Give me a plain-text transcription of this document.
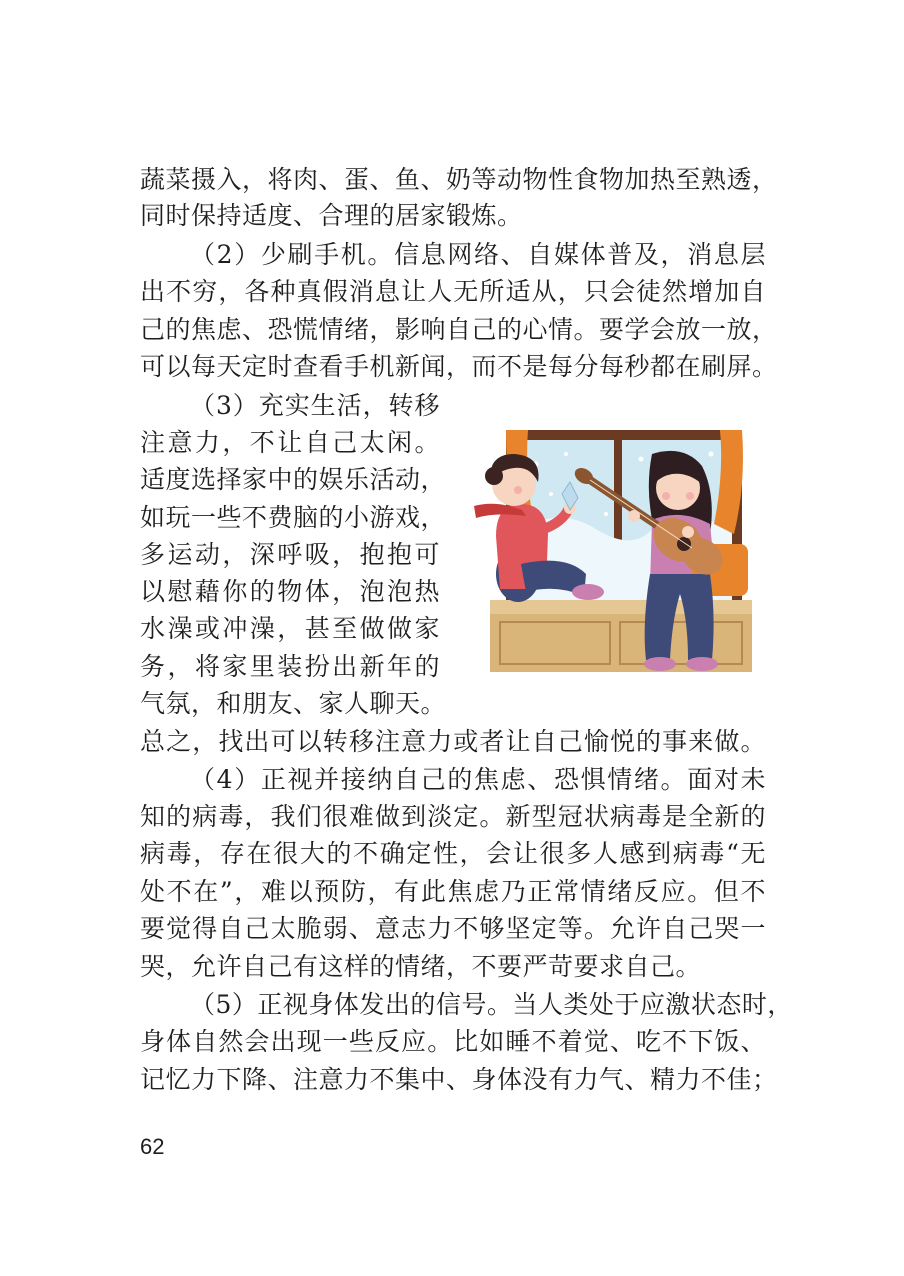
蔬菜摄入，将肉、蛋、鱼、奶等动物性食物加热至熟透，
同时保持适度、合理的居家锻炼。
（2）少刷手机。信息网络、自媒体普及，消息层
出不穷，各种真假消息让人无所适从，只会徒然增加自
己的焦虑、恐慌情绪，影响自己的心情。要学会放一放，
可以每天定时查看手机新闻，而不是每分每秒都在刷屏。
（3）充实生活，转移
注意力，不让自己太闲。
适度选择家中的娱乐活动，
如玩一些不费脑的小游戏，
多运动，深呼吸，抱抱可
以慰藉你的物体，泡泡热
水澡或冲澡，甚至做做家
务，将家里装扮出新年的
气氛，和朋友、家人聊天。
总之，找出可以转移注意力或者让自己愉悦的事来做。
（4）正视并接纳自己的焦虑、恐惧情绪。面对未
知的病毒，我们很难做到淡定。新型冠状病毒是全新的
病毒，存在很大的不确定性，会让很多人感到病毒“无
处不在”，难以预防，有此焦虑乃正常情绪反应。但不
要觉得自己太脆弱、意志力不够坚定等。允许自己哭一
哭，允许自己有这样的情绪，不要严苛要求自己。
（5）正视身体发出的信号。当人类处于应激状态时，
身体自然会出现一些反应。比如睡不着觉、吃不下饭、
记忆力下降、注意力不集中、身体没有力气、精力不佳；
62
